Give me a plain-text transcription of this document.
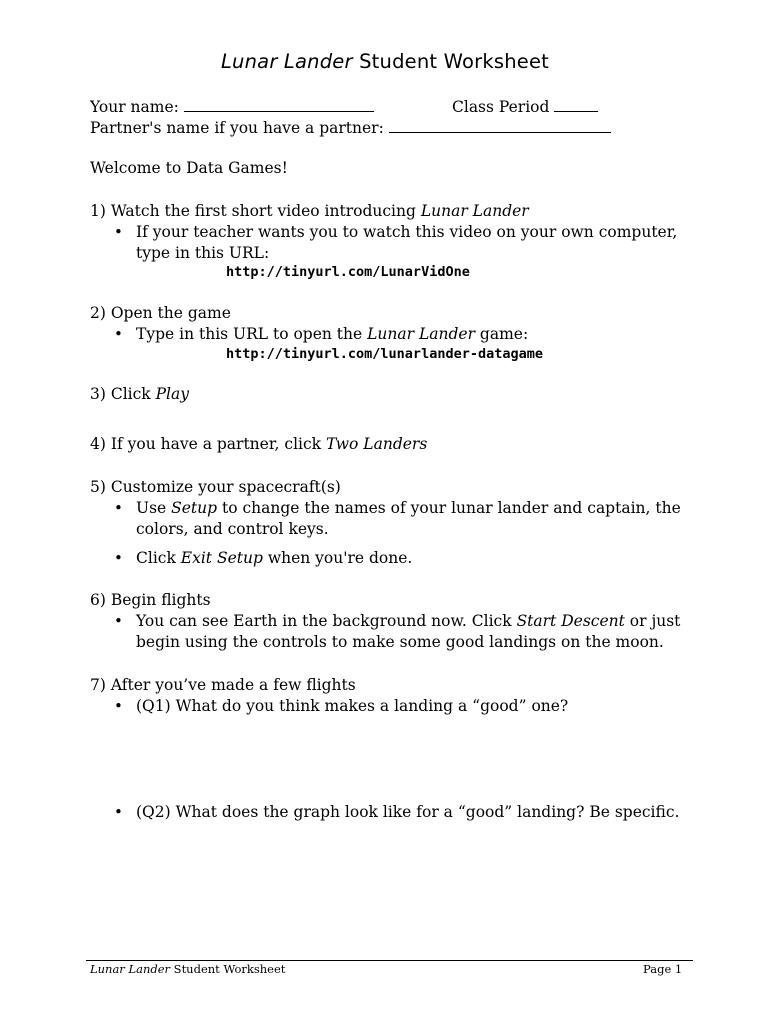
Lunar Lander Student Worksheet
Your name:	Class Period
Partner's name if you have a partner:
Welcome to Data Games!
1) Watch the first short video introducing Lunar Lander
• If your teacher wants you to watch this video on your own computer,
type in this URL:
http://tinyurl.com/LunarVidOne
2) Open the game
• Type in this URL to open the Lunar Lander game:
http://tinyurl.com/lunarlander-datagame
3) Click Play
4) If you have a partner, click Two Landers
5) Customize your spacecraft(s)
• Use Setup to change the names of your lunar lander and captain, the
colors, and control keys.
• Click Exit Setup when you're done.
6) Begin flights
• You can see Earth in the background now. Click Start Descent or just
begin using the controls to make some good landings on the moon.
7) After you’ve made a few flights
• (Q1) What do you think makes a landing a “good” one?
• (Q2) What does the graph look like for a “good” landing? Be specific.
Lunar Lander Student Worksheet	Page 1
